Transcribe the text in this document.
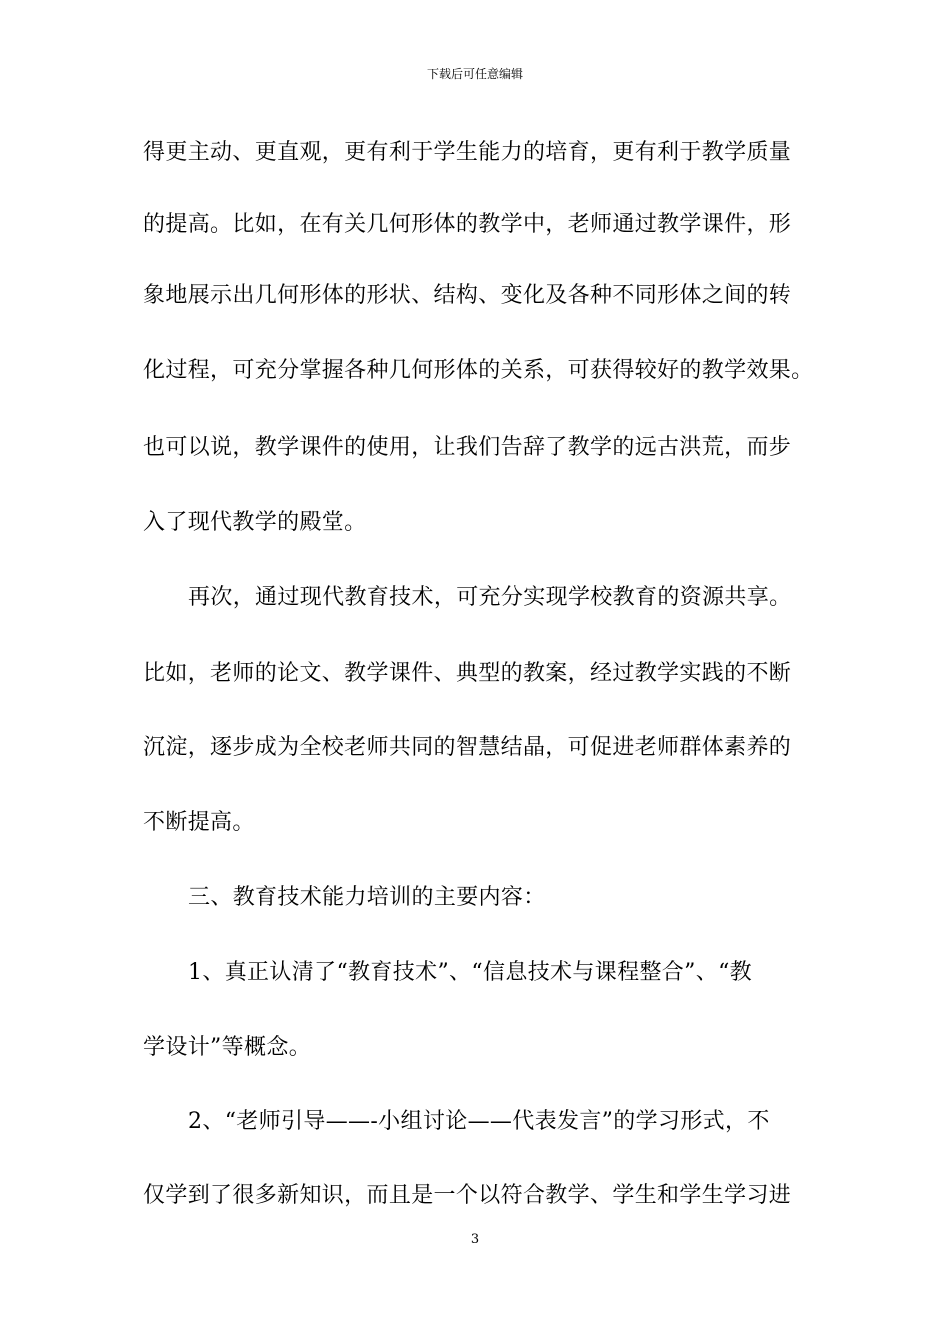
下载后可任意编辑
得更主动、更直观，更有利于学生能力的培育，更有利于教学质量
的提高。比如，在有关几何形体的教学中，老师通过教学课件，形
象地展示出几何形体的形状、结构、变化及各种不同形体之间的转
化过程，可充分掌握各种几何形体的关系，可获得较好的教学效果。
也可以说，教学课件的使用，让我们告辞了教学的远古洪荒，而步
入了现代教学的殿堂。
再次，通过现代教育技术，可充分实现学校教育的资源共享。
比如，老师的论文、教学课件、典型的教案，经过教学实践的不断
沉淀，逐步成为全校老师共同的智慧结晶，可促进老师群体素养的
不断提高。
三、教育技术能力培训的主要内容：
1、真正认清了“教育技术”、“信息技术与课程整合”、“教
学设计”等概念。
2、“老师引导——-小组讨论——代表发言”的学习形式，不
仅学到了很多新知识，而且是一个以符合教学、学生和学生学习进
3
